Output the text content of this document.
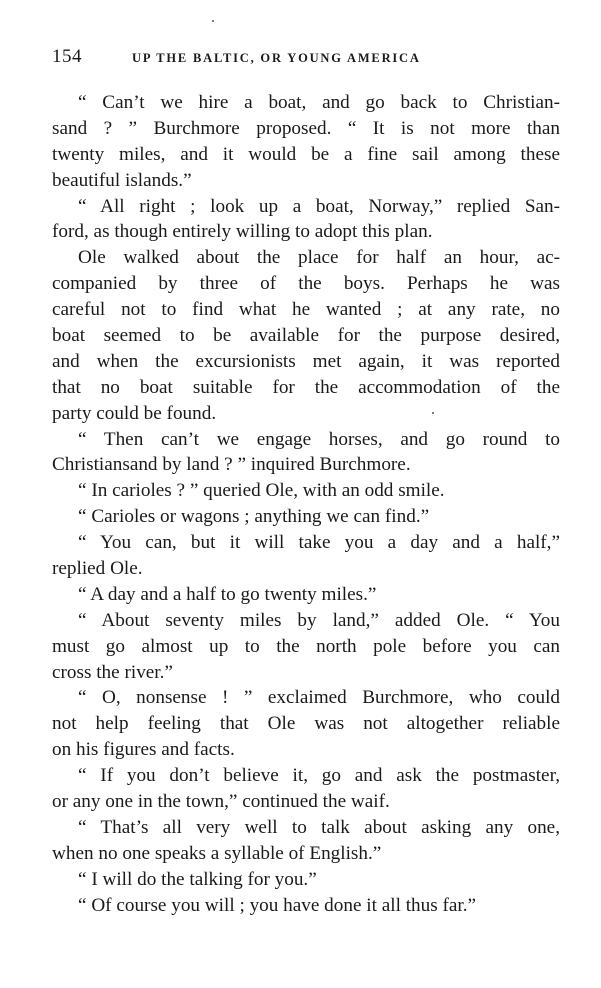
154	UP THE BALTIC, OR YOUNG AMERICA
“ Can’t we hire a boat, and go back to Christian-
sand ? ” Burchmore proposed. “ It is not more than
twenty miles, and it would be a fine sail among these
beautiful islands.”
“ All right ; look up a boat, Norway,” replied San-
ford, as though entirely willing to adopt this plan.
Ole walked about the place for half an hour, ac-
companied by three of the boys. Perhaps he was
careful not to find what he wanted ; at any rate, no
boat seemed to be available for the purpose desired,
and when the excursionists met again, it was reported
that no boat suitable for the accommodation of the
party could be found.
“ Then can’t we engage horses, and go round to
Christiansand by land ? ” inquired Burchmore.
“ In carioles ? ” queried Ole, with an odd smile.
“ Carioles or wagons ; anything we can find.”
“ You can, but it will take you a day and a half,”
replied Ole.
“ A day and a half to go twenty miles.”
“ About seventy miles by land,” added Ole. “ You
must go almost up to the north pole before you can
cross the river.”
“ O, nonsense ! ” exclaimed Burchmore, who could
not help feeling that Ole was not altogether reliable
on his figures and facts.
“ If you don’t believe it, go and ask the postmaster,
or any one in the town,” continued the waif.
“ That’s all very well to talk about asking any one,
when no one speaks a syllable of English.”
“ I will do the talking for you.”
“ Of course you will ; you have done it all thus far.”
